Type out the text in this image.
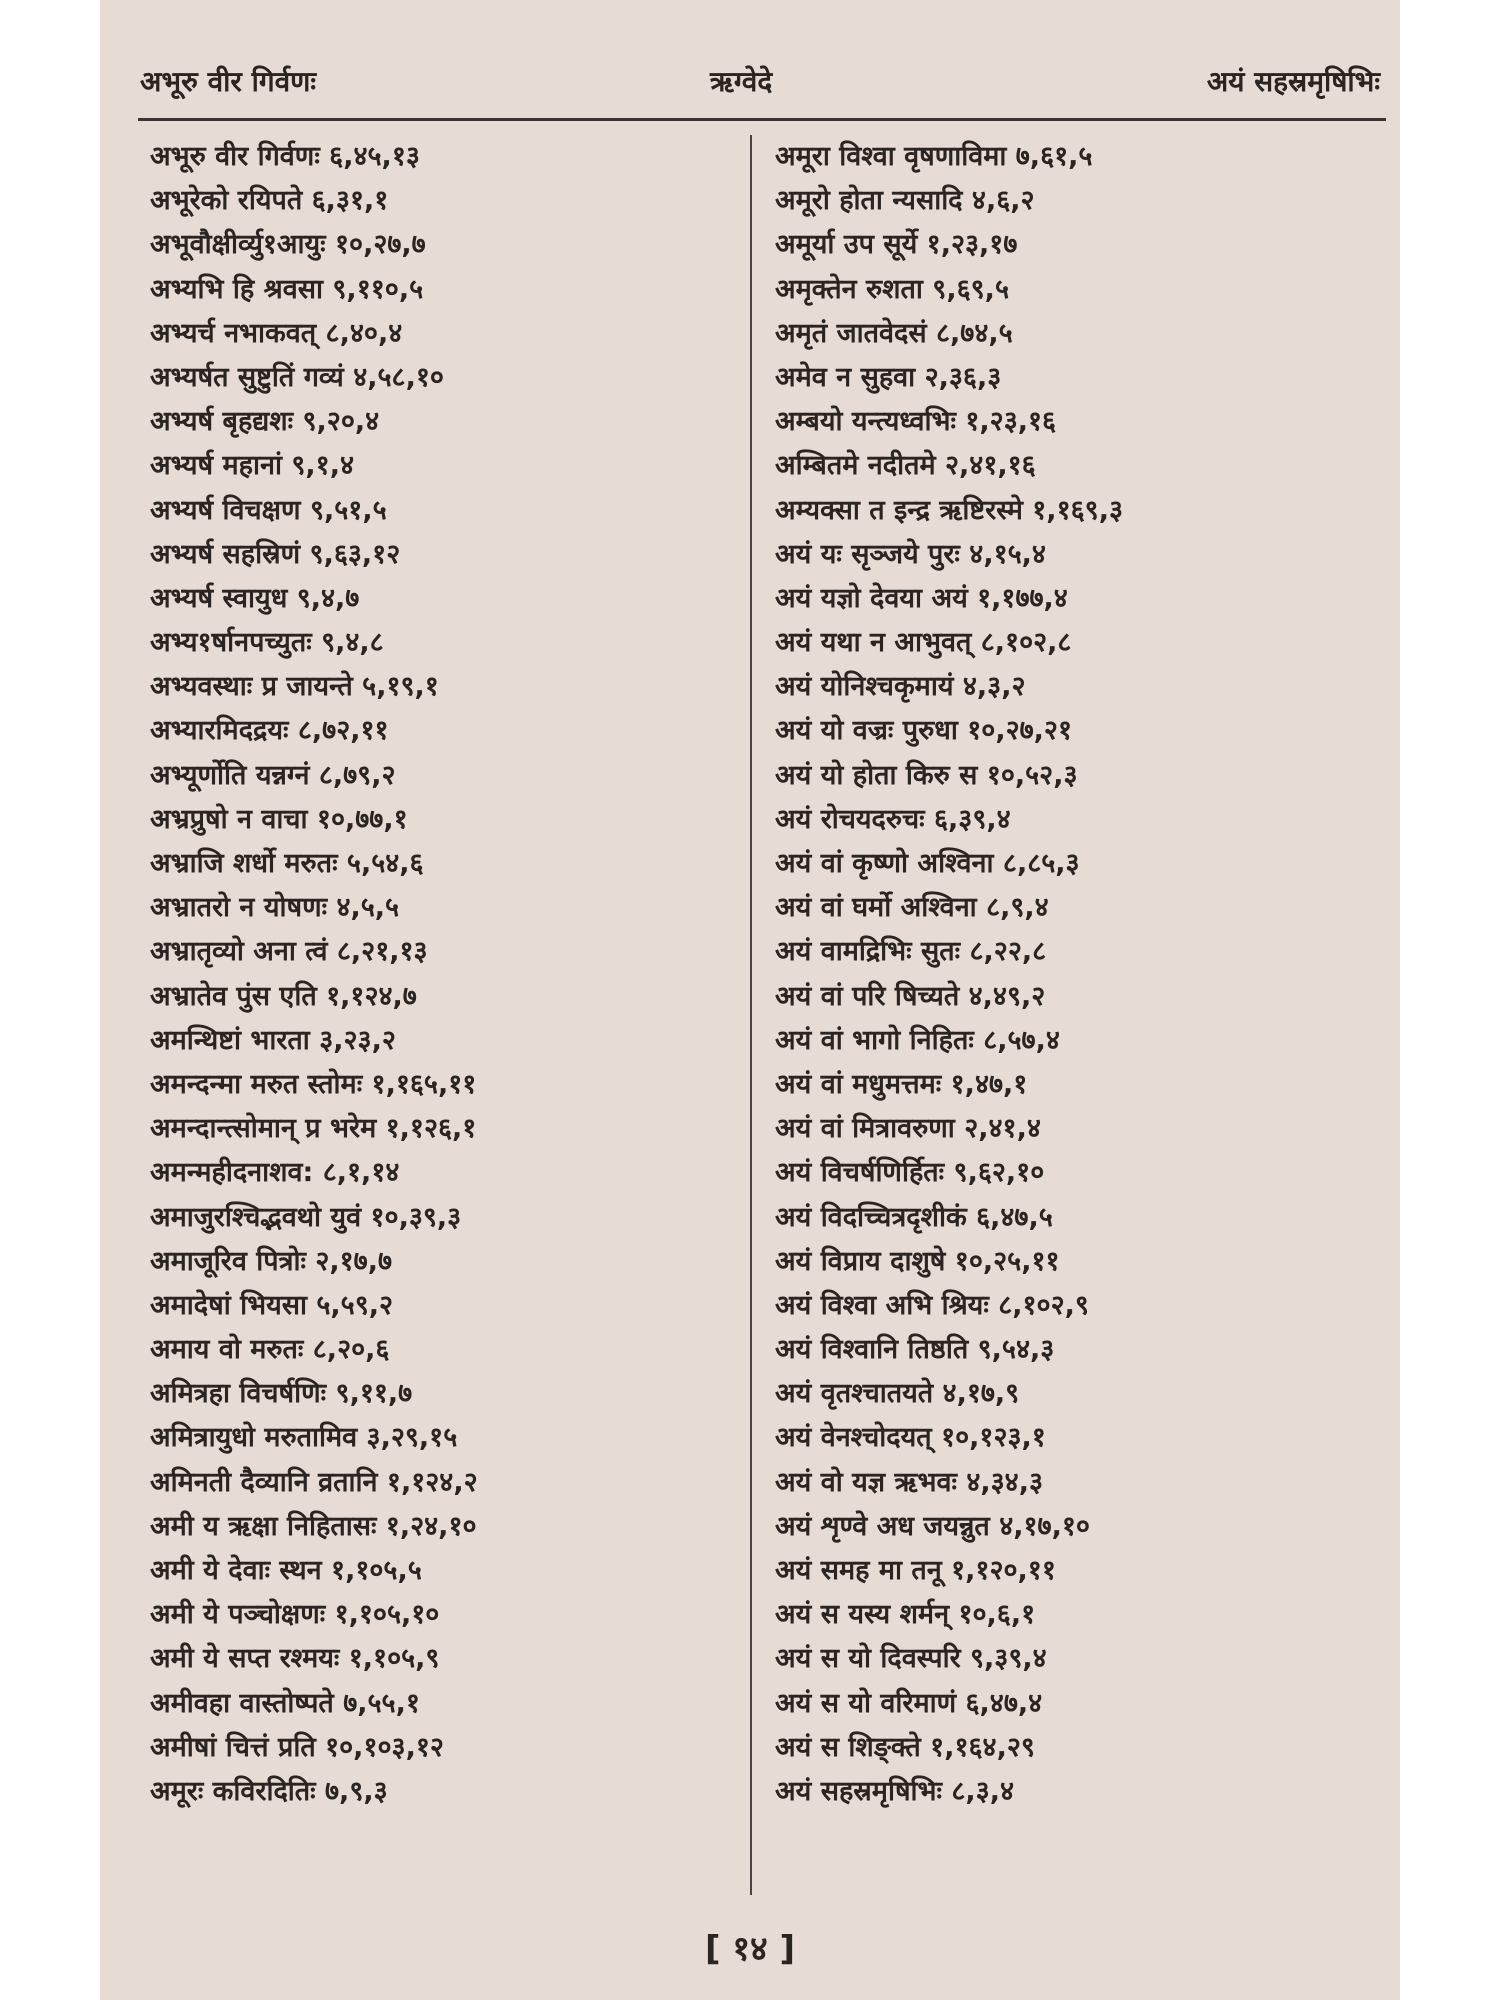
अभूरु वीर गिर्वणः	ऋग्वेदे	अयं सहस्रमृषिभिः
अभूरु वीर गिर्वणः ६,४५,१३
अभूरेको रयिपते ६,३१,१
अभूवौक्षीर्व्यु१आयुः १०,२७,७
अभ्यभि हि श्रवसा ९,११०,५
अभ्यर्च नभाकवत् ८,४०,४
अभ्यर्षत सुष्टुतिं गव्यं ४,५८,१०
अभ्यर्ष बृहद्यशः ९,२०,४
अभ्यर्ष महानां ९,१,४
अभ्यर्ष विचक्षण ९,५१,५
अभ्यर्ष सहस्रिणं ९,६३,१२
अभ्यर्ष स्वायुध ९,४,७
अभ्य१र्षानपच्युतः ९,४,८
अभ्यवस्थाः प्र जायन्ते ५,१९,१
अभ्यारमिदद्रयः ८,७२,११
अभ्यूर्णोति यन्नग्नं ८,७९,२
अभ्रप्रुषो न वाचा १०,७७,१
अभ्राजि शर्धो मरुतः ५,५४,६
अभ्रातरो न योषणः ४,५,५
अभ्रातृव्यो अना त्वं ८,२१,१३
अभ्रातेव पुंस एति १,१२४,७
अमन्थिष्टां भारता ३,२३,२
अमन्दन्मा मरुत स्तोमः १,१६५,११
अमन्दान्त्सोमान् प्र भरेम १,१२६,१
अमन्महीदनाशव: ८,१,१४
अमाजुरश्चिद्भवथो युवं १०,३९,३
अमाजूरिव पित्रोः २,१७,७
अमादेषां भियसा ५,५९,२
अमाय वो मरुतः ८,२०,६
अमित्रहा विचर्षणिः ९,११,७
अमित्रायुधो मरुतामिव ३,२९,१५
अमिनती दैव्यानि व्रतानि १,१२४,२
अमी य ऋक्षा निहितासः १,२४,१०
अमी ये देवाः स्थन १,१०५,५
अमी ये पञ्चोक्षणः १,१०५,१०
अमी ये सप्त रश्मयः १,१०५,९
अमीवहा वास्तोष्पते ७,५५,१
अमीषां चित्तं प्रति १०,१०३,१२
अमूरः कविरदितिः ७,९,३
अमूरा विश्वा वृषणाविमा ७,६१,५
अमूरो होता न्यसादि ४,६,२
अमूर्या उप सूर्ये १,२३,१७
अमृक्तेन रुशता ९,६९,५
अमृतं जातवेदसं ८,७४,५
अमेव न सुहवा २,३६,३
अम्बयो यन्त्यध्वभिः १,२३,१६
अम्बितमे नदीतमे २,४१,१६
अम्यक्सा त इन्द्र ऋष्टिरस्मे १,१६९,३
अयं यः सृञ्जये पुरः ४,१५,४
अयं यज्ञो देवया अयं १,१७७,४
अयं यथा न आभुवत् ८,१०२,८
अयं योनिश्चकृमायं ४,३,२
अयं यो वज्रः पुरुधा १०,२७,२१
अयं यो होता किरु स १०,५२,३
अयं रोचयदरुचः ६,३९,४
अयं वां कृष्णो अश्विना ८,८५,३
अयं वां घर्मो अश्विना ८,९,४
अयं वामद्रिभिः सुतः ८,२२,८
अयं वां परि षिच्यते ४,४९,२
अयं वां भागो निहितः ८,५७,४
अयं वां मधुमत्तमः १,४७,१
अयं वां मित्रावरुणा २,४१,४
अयं विचर्षणिर्हितः ९,६२,१०
अयं विदच्चित्रदृशीकं ६,४७,५
अयं विप्राय दाशुषे १०,२५,११
अयं विश्वा अभि श्रियः ८,१०२,९
अयं विश्वानि तिष्ठति ९,५४,३
अयं वृतश्चातयते ४,१७,९
अयं वेनश्चोदयत् १०,१२३,१
अयं वो यज्ञ ऋभवः ४,३४,३
अयं शृण्वे अध जयन्नुत ४,१७,१०
अयं समह मा तनू १,१२०,११
अयं स यस्य शर्मन् १०,६,१
अयं स यो दिवस्परि ९,३९,४
अयं स यो वरिमाणं ६,४७,४
अयं स शिङ्क्ते १,१६४,२९
अयं सहस्रमृषिभिः ८,३,४
[ १४ ]
